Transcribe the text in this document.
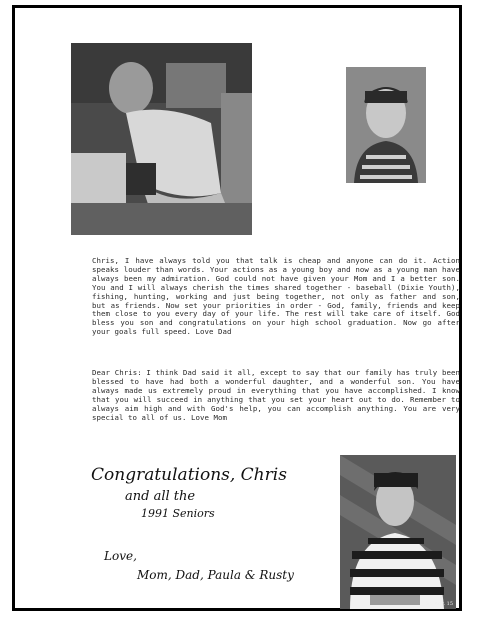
Chris, I have always told you that talk is cheap and anyone can do it. Action speaks louder than words. Your actions as a young boy and now as a young man have always been my admiration. God could not have given your Mom and I a better son. You and I will always cherish the times shared together - baseball (Dixie Youth), fishing, hunting, working and just being together, not only as father and son, but as friends. Now set your priorities in order - God, family, friends and keep them close to you every day of your life. The rest will take care of itself. God bless you son and congratulations on your high school graduation. Now go after your goals full speed. Love Dad

Dear Chris: I think Dad said it all, except to say that our family has truly been blessed to have had both a wonderful daughter, and a wonderful son. You have always made us extremely proud in everything that you have accomplished. I know that you will succeed in anything that you set your heart out to do. Remember to always aim high and with God's help, you can accomplish anything. You are very special to all of us. Love Mom

Congratulations, Chris
and all the
1991 Seniors
Love,
Mom, Dad, Paula & Rusty
St. Adv. 15
